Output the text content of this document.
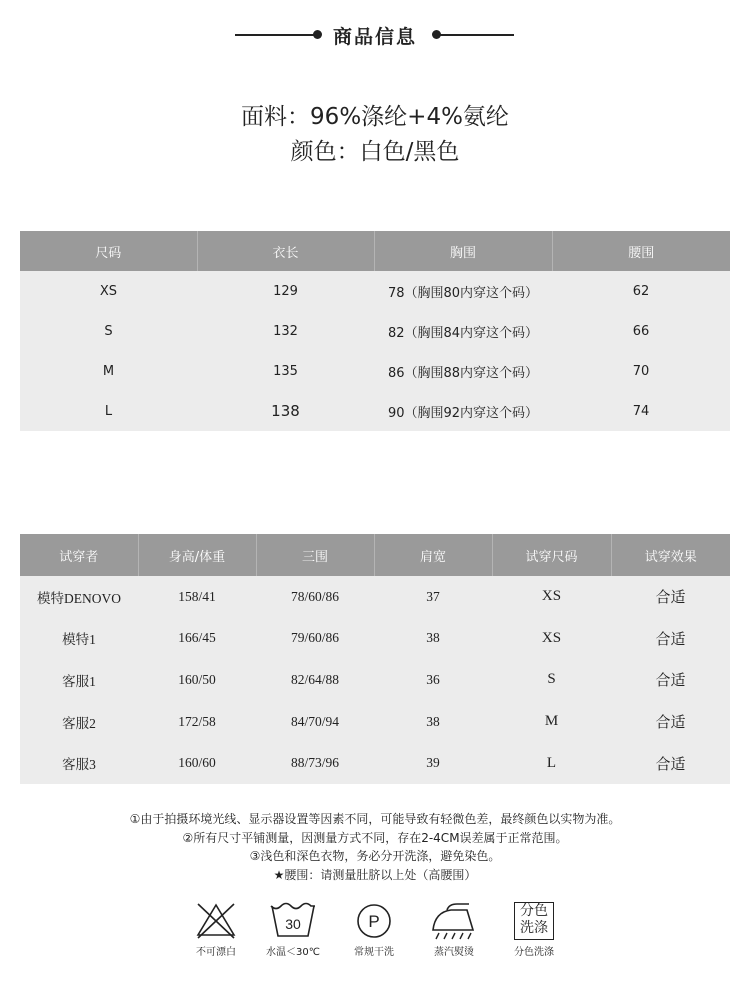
商品信息
面料：96%涤纶+4%氨纶
颜色：白色/黑色
尺码	衣长	胸围	腰围
XS	129	78（胸围80内穿这个码）	62
S	132	82（胸围84内穿这个码）	66
M	135	86（胸围88内穿这个码）	70
L	138	90（胸围92内穿这个码）	74
试穿者	身高/体重	三围	肩宽	试穿尺码	试穿效果
模特DENOVO	158/41	78/60/86	37	XS	合适
模特1	166/45	79/60/86	38	XS	合适
客服1	160/50	82/64/88	36	S	合适
客服2	172/58	84/70/94	38	M	合适
客服3	160/60	88/73/96	39	L	合适
①由于拍摄环境光线、显示器设置等因素不同，可能导致有轻微色差，最终颜色以实物为准。
②所有尺寸平铺测量，因测量方式不同，存在2-4CM误差属于正常范围。
③浅色和深色衣物，务必分开洗涤，避免染色。
★腰围：请测量肚脐以上处（高腰围）
不可漂白
30
水温＜30℃
P
常规干洗	蒸汽熨烫
分色
洗涤
分色洗涤
